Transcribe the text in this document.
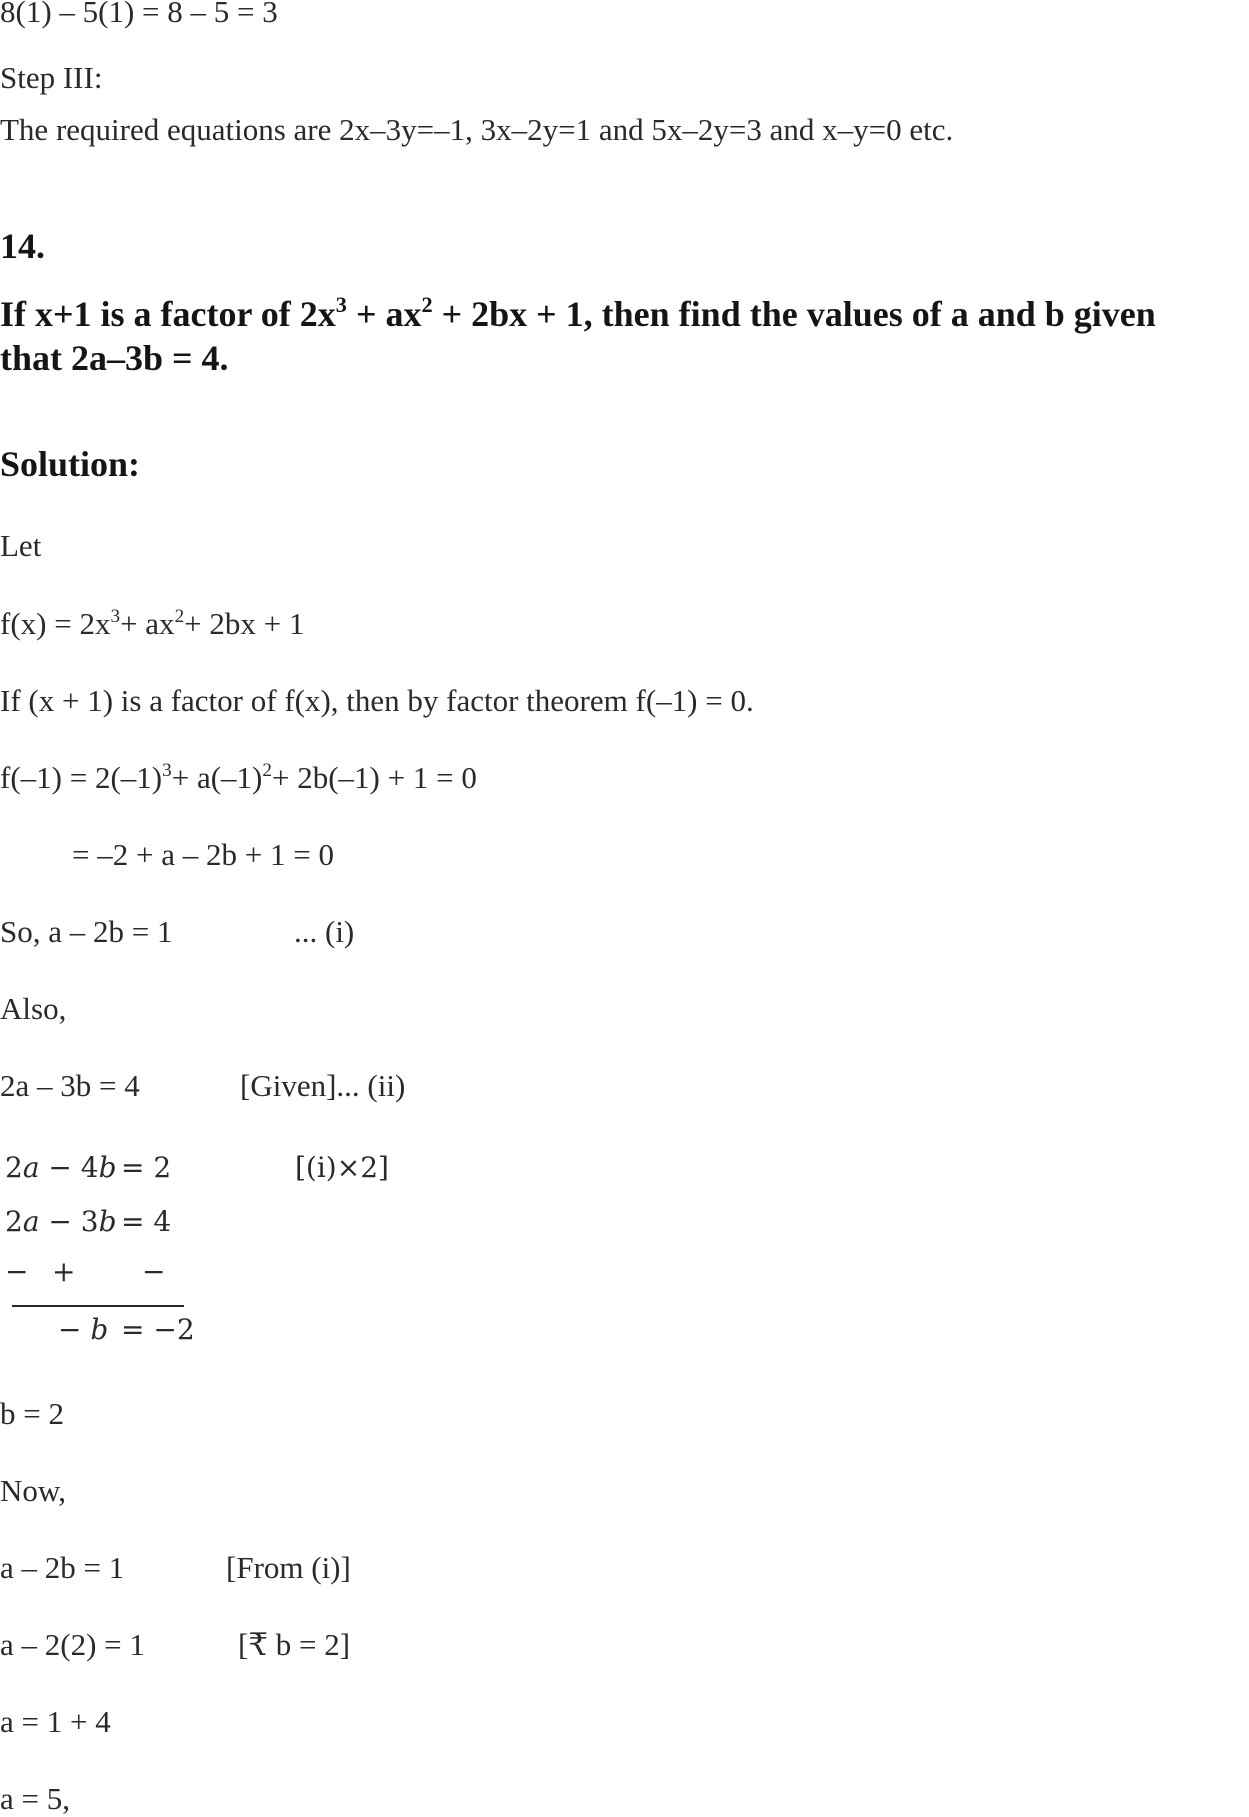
8(1) – 5(1) = 8 – 5 = 3
Step III:
The required equations are 2x–3y=–1, 3x–2y=1 and 5x–2y=3 and x–y=0 etc.
14.
If x+1 is a factor of $2x^3 + ax^2 + 2bx + 1$, then find the values of a and b given
that 2a–3b = 4.
Solution:
Let
$f(x) = 2x^3+ ax^2+ 2bx + 1$
If (x + 1) is a factor of f(x), then by factor theorem f(–1) = 0.
$f(-1) = 2(-1)^3+ a(-1)^2+ 2b(-1) + 1 = 0$
= –2 + a – 2b + 1 = 0
So, a – 2b = 1	... (i)
Also,
2a – 3b = 4	[Given]... (ii)
2a − 4b = 2	[(i)×2]
2a − 3b = 4
− + −
− b = −2
b = 2
Now,
a – 2b = 1	[From (i)]
a – 2(2) = 1	[₹ b = 2]
a = 1 + 4
a = 5,
